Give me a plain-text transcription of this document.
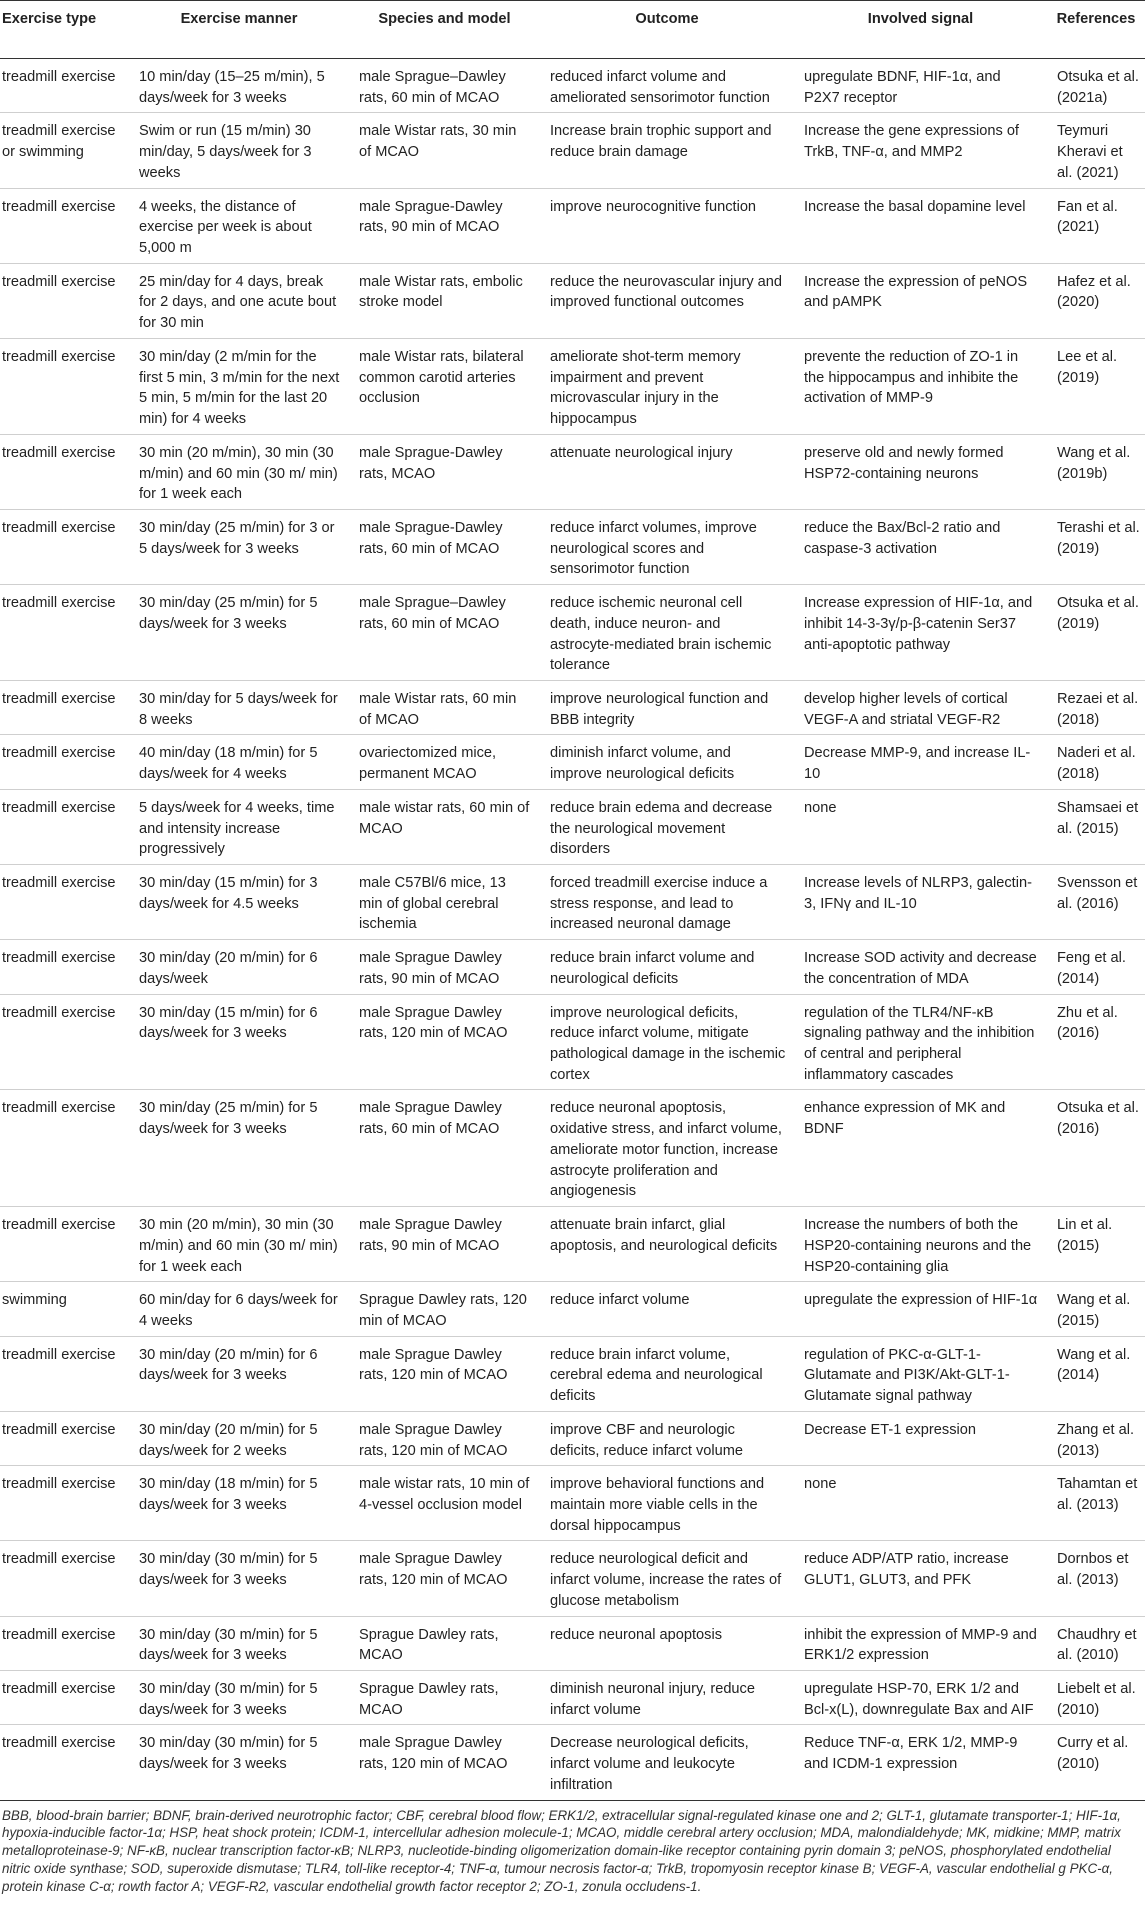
Exercise type	Exercise manner	Species and model	Outcome	Involved signal	References
treadmill exercise	10 min/day (15–25 m/min), 5 days/week for 3 weeks	male Sprague–Dawley rats, 60 min of MCAO	reduced infarct volume and ameliorated sensorimotor function	upregulate BDNF, HIF-1α, and P2X7 receptor	Otsuka et al. (2021a)
treadmill exercise or swimming	Swim or run (15 m/min) 30 min/day, 5 days/week for 3 weeks	male Wistar rats, 30 min of MCAO	Increase brain trophic support and reduce brain damage	Increase the gene expressions of TrkB, TNF-α, and MMP2	Teymuri Kheravi et al. (2021)
treadmill exercise	4 weeks, the distance of exercise per week is about 5,000 m	male Sprague-Dawley rats, 90 min of MCAO	improve neurocognitive function	Increase the basal dopamine level	Fan et al. (2021)
treadmill exercise	25 min/day for 4 days, break for 2 days, and one acute bout for 30 min	male Wistar rats, embolic stroke model	reduce the neurovascular injury and improved functional outcomes	Increase the expression of peNOS and pAMPK	Hafez et al. (2020)
treadmill exercise	30 min/day (2 m/min for the first 5 min, 3 m/min for the next 5 min, 5 m/min for the last 20 min) for 4 weeks	male Wistar rats, bilateral common carotid arteries occlusion	ameliorate shot-term memory impairment and prevent microvascular injury in the hippocampus	prevente the reduction of ZO-1 in the hippocampus and inhibite the activation of MMP-9	Lee et al. (2019)
treadmill exercise	30 min (20 m/min), 30 min (30 m/min) and 60 min (30 m/ min) for 1 week each	male Sprague-Dawley rats, MCAO	attenuate neurological injury	preserve old and newly formed HSP72-containing neurons	Wang et al. (2019b)
treadmill exercise	30 min/day (25 m/min) for 3 or 5 days/week for 3 weeks	male Sprague-Dawley rats, 60 min of MCAO	reduce infarct volumes, improve neurological scores and sensorimotor function	reduce the Bax/Bcl-2 ratio and caspase-3 activation	Terashi et al. (2019)
treadmill exercise	30 min/day (25 m/min) for 5 days/week for 3 weeks	male Sprague–Dawley rats, 60 min of MCAO	reduce ischemic neuronal cell death, induce neuron- and astrocyte-mediated brain ischemic tolerance	Increase expression of HIF-1α, and inhibit 14-3-3γ/p-β-catenin Ser37 anti-apoptotic pathway	Otsuka et al. (2019)
treadmill exercise	30 min/day for 5 days/week for 8 weeks	male Wistar rats, 60 min of MCAO	improve neurological function and BBB integrity	develop higher levels of cortical VEGF-A and striatal VEGF-R2	Rezaei et al. (2018)
treadmill exercise	40 min/day (18 m/min) for 5 days/week for 4 weeks	ovariectomized mice, permanent MCAO	diminish infarct volume, and improve neurological deficits	Decrease MMP-9, and increase IL-10	Naderi et al. (2018)
treadmill exercise	5 days/week for 4 weeks, time and intensity increase progressively	male wistar rats, 60 min of MCAO	reduce brain edema and decrease the neurological movement disorders	none	Shamsaei et al. (2015)
treadmill exercise	30 min/day (15 m/min) for 3 days/week for 4.5 weeks	male C57Bl/6 mice, 13 min of global cerebral ischemia	forced treadmill exercise induce a stress response, and lead to increased neuronal damage	Increase levels of NLRP3, galectin-3, IFNγ and IL-10	Svensson et al. (2016)
treadmill exercise	30 min/day (20 m/min) for 6 days/week	male Sprague Dawley rats, 90 min of MCAO	reduce brain infarct volume and neurological deficits	Increase SOD activity and decrease the concentration of MDA	Feng et al. (2014)
treadmill exercise	30 min/day (15 m/min) for 6 days/week for 3 weeks	male Sprague Dawley rats, 120 min of MCAO	improve neurological deficits, reduce infarct volume, mitigate pathological damage in the ischemic cortex	regulation of the TLR4/NF-κB signaling pathway and the inhibition of central and peripheral inflammatory cascades	Zhu et al. (2016)
treadmill exercise	30 min/day (25 m/min) for 5 days/week for 3 weeks	male Sprague Dawley rats, 60 min of MCAO	reduce neuronal apoptosis, oxidative stress, and infarct volume, ameliorate motor function, increase astrocyte proliferation and angiogenesis	enhance expression of MK and BDNF	Otsuka et al. (2016)
treadmill exercise	30 min (20 m/min), 30 min (30 m/min) and 60 min (30 m/ min) for 1 week each	male Sprague Dawley rats, 90 min of MCAO	attenuate brain infarct, glial apoptosis, and neurological deficits	Increase the numbers of both the HSP20-containing neurons and the HSP20-containing glia	Lin et al. (2015)
swimming	60 min/day for 6 days/week for 4 weeks	Sprague Dawley rats, 120 min of MCAO	reduce infarct volume	upregulate the expression of HIF-1α	Wang et al. (2015)
treadmill exercise	30 min/day (20 m/min) for 6 days/week for 3 weeks	male Sprague Dawley rats, 120 min of MCAO	reduce brain infarct volume, cerebral edema and neurological deficits	regulation of PKC-α-GLT-1-Glutamate and PI3K/Akt-GLT-1-Glutamate signal pathway	Wang et al. (2014)
treadmill exercise	30 min/day (20 m/min) for 5 days/week for 2 weeks	male Sprague Dawley rats, 120 min of MCAO	improve CBF and neurologic deficits, reduce infarct volume	Decrease ET-1 expression	Zhang et al. (2013)
treadmill exercise	30 min/day (18 m/min) for 5 days/week for 3 weeks	male wistar rats, 10 min of 4-vessel occlusion model	improve behavioral functions and maintain more viable cells in the dorsal hippocampus	none	Tahamtan et al. (2013)
treadmill exercise	30 min/day (30 m/min) for 5 days/week for 3 weeks	male Sprague Dawley rats, 120 min of MCAO	reduce neurological deficit and infarct volume, increase the rates of glucose metabolism	reduce ADP/ATP ratio, increase GLUT1, GLUT3, and PFK	Dornbos et al. (2013)
treadmill exercise	30 min/day (30 m/min) for 5 days/week for 3 weeks	Sprague Dawley rats, MCAO	reduce neuronal apoptosis	inhibit the expression of MMP-9 and ERK1/2 expression	Chaudhry et al. (2010)
treadmill exercise	30 min/day (30 m/min) for 5 days/week for 3 weeks	Sprague Dawley rats, MCAO	diminish neuronal injury, reduce infarct volume	upregulate HSP-70, ERK 1/2 and Bcl-x(L), downregulate Bax and AIF	Liebelt et al. (2010)
treadmill exercise	30 min/day (30 m/min) for 5 days/week for 3 weeks	male Sprague Dawley rats, 120 min of MCAO	Decrease neurological deficits, infarct volume and leukocyte infiltration	Reduce TNF-α, ERK 1/2, MMP-9 and ICDM-1 expression	Curry et al. (2010)
BBB, blood-brain barrier; BDNF, brain-derived neurotrophic factor; CBF, cerebral blood flow; ERK1/2, extracellular signal-regulated kinase one and 2; GLT-1, glutamate transporter-1; HIF-1α, hypoxia-inducible factor-1α; HSP, heat shock protein; ICDM-1, intercellular adhesion molecule-1; MCAO, middle cerebral artery occlusion; MDA, malondialdehyde; MK, midkine; MMP, matrix metalloproteinase-9; NF-κB, nuclear transcription factor-κB; NLRP3, nucleotide-binding oligomerization domain-like receptor containing pyrin domain 3; peNOS, phosphorylated endothelial nitric oxide synthase; SOD, superoxide dismutase; TLR4, toll-like receptor-4; TNF-α, tumour necrosis factor-α; TrkB, tropomyosin receptor kinase B; VEGF-A, vascular endothelial g PKC-α, protein kinase C-α; rowth factor A; VEGF-R2, vascular endothelial growth factor receptor 2; ZO-1, zonula occludens-1.
